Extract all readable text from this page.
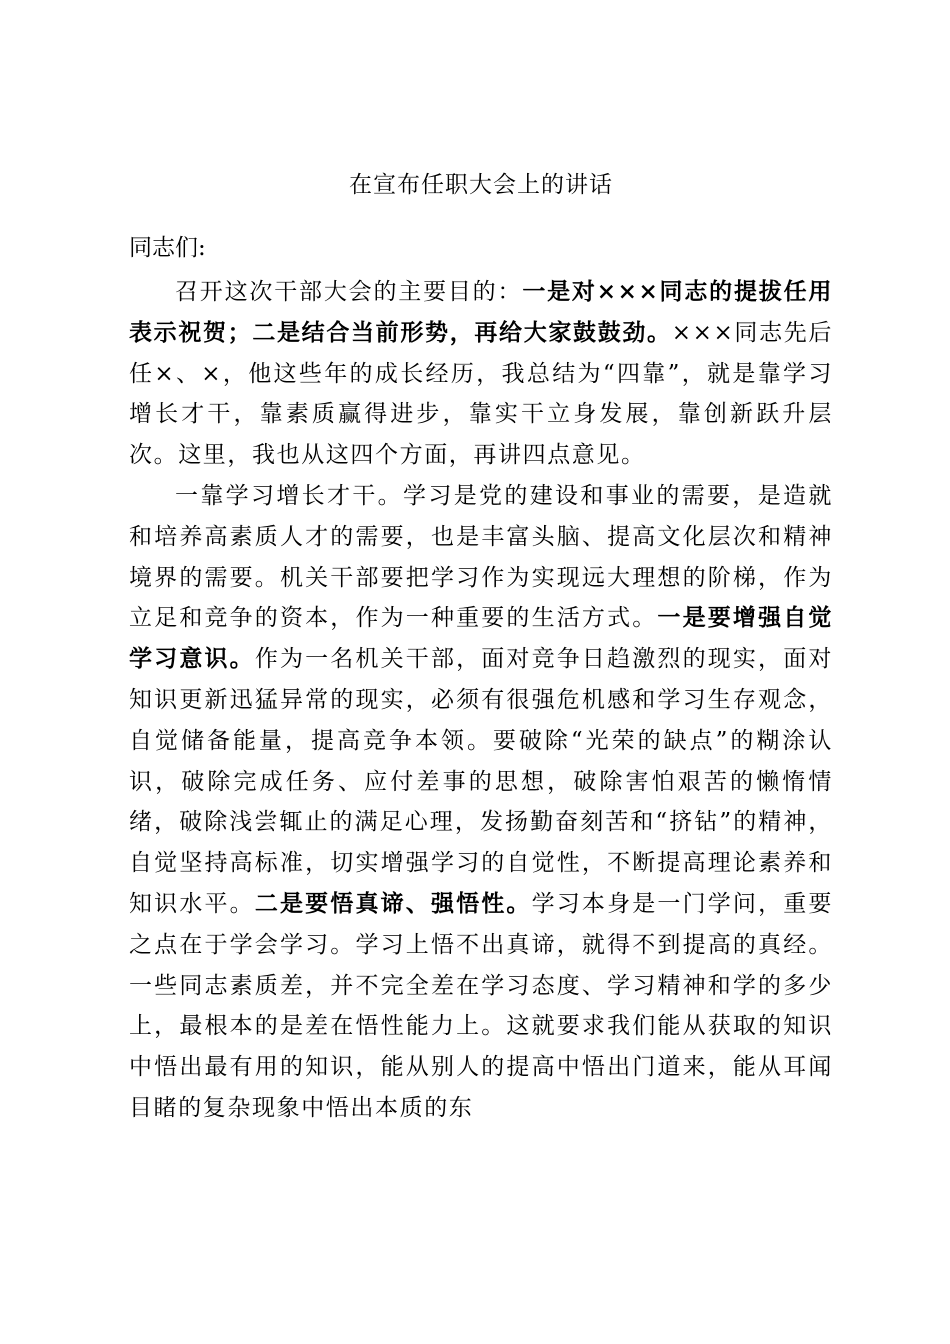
在宣布任职大会上的讲话
同志们:

召开这次干部大会的主要目的：一是对×××同志的提拔任用表示祝贺；二是结合当前形势，再给大家鼓鼓劲。×××同志先后任×、×，他这些年的成长经历，我总结为“四靠”，就是靠学习增长才干，靠素质赢得进步，靠实干立身发展，靠创新跃升层次。这里，我也从这四个方面，再讲四点意见。

一靠学习增长才干。学习是党的建设和事业的需要，是造就和培养高素质人才的需要，也是丰富头脑、提高文化层次和精神境界的需要。机关干部要把学习作为实现远大理想的阶梯，作为立足和竞争的资本，作为一种重要的生活方式。一是要增强自觉学习意识。作为一名机关干部，面对竞争日趋激烈的现实，面对知识更新迅猛异常的现实，必须有很强危机感和学习生存观念，自觉储备能量，提高竞争本领。要破除“光荣的缺点”的糊涂认识，破除完成任务、应付差事的思想，破除害怕艰苦的懒惰情绪，破除浅尝辄止的满足心理，发扬勤奋刻苦和“挤钻”的精神，自觉坚持高标准，切实增强学习的自觉性，不断提高理论素养和知识水平。二是要悟真谛、强悟性。学习本身是一门学问，重要之点在于学会学习。学习上悟不出真谛，就得不到提高的真经。一些同志素质差，并不完全差在学习态度、学习精神和学的多少上，最根本的是差在悟性能力上。这就要求我们能从获取的知识中悟出最有用的知识，能从别人的提高中悟出门道来，能从耳闻目睹的复杂现象中悟出本质的东
